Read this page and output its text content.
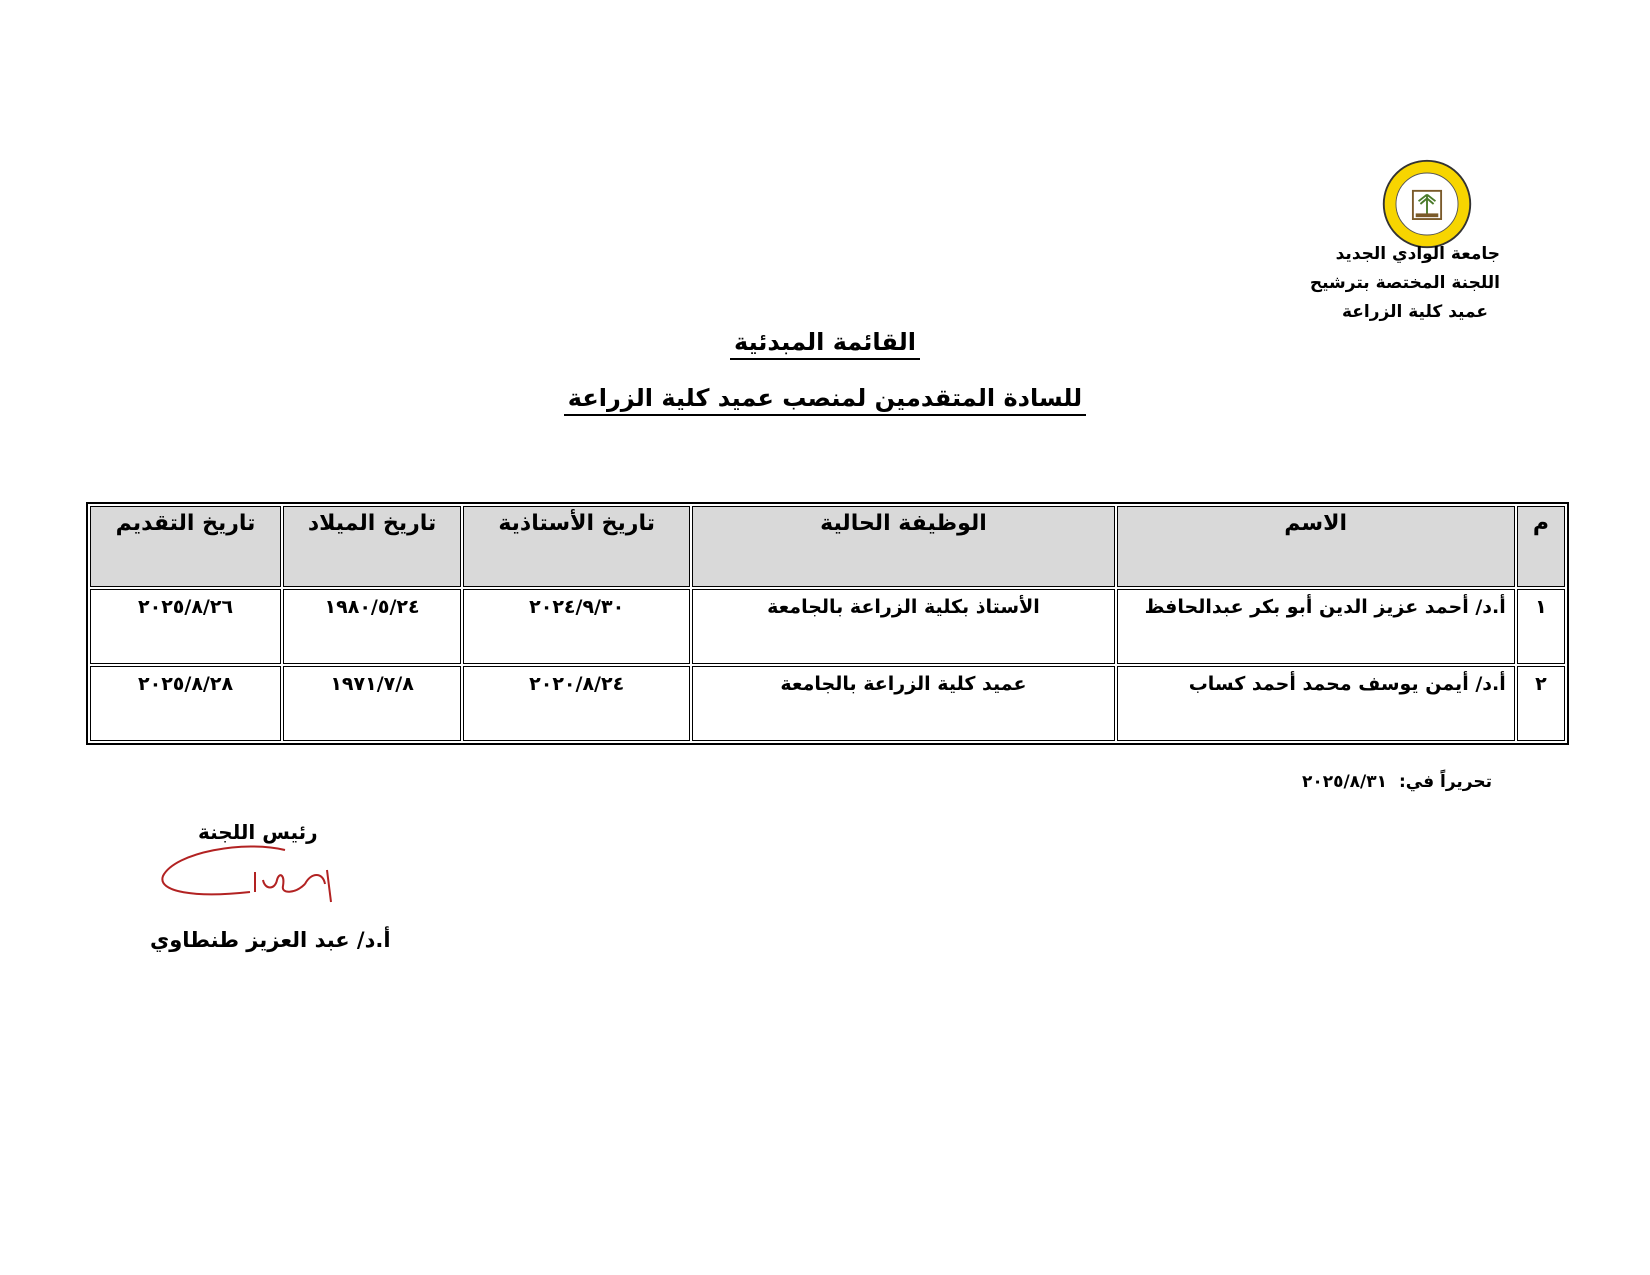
جامعة الوادي الجديد
اللجنة المختصة بترشيح
عميد كلية الزراعة
القائمة المبدئية
للسادة المتقدمين لمنصب عميد كلية الزراعة
م	الاسم	الوظيفة الحالية	تاريخ الأستاذية	تاريخ الميلاد	تاريخ التقديم
١	أ.د/ أحمد عزيز الدين أبو بكر عبدالحافظ	الأستاذ بكلية الزراعة بالجامعة	٢٠٢٤/٩/٣٠	١٩٨٠/٥/٢٤	٢٠٢٥/٨/٢٦
٢	أ.د/ أيمن يوسف محمد أحمد كساب	عميد كلية الزراعة بالجامعة	٢٠٢٠/٨/٢٤	١٩٧١/٧/٨	٢٠٢٥/٨/٢٨
تحريراً في: ٢٠٢٥/٨/٣١
رئيس اللجنة
أ.د/ عبد العزيز طنطاوي
